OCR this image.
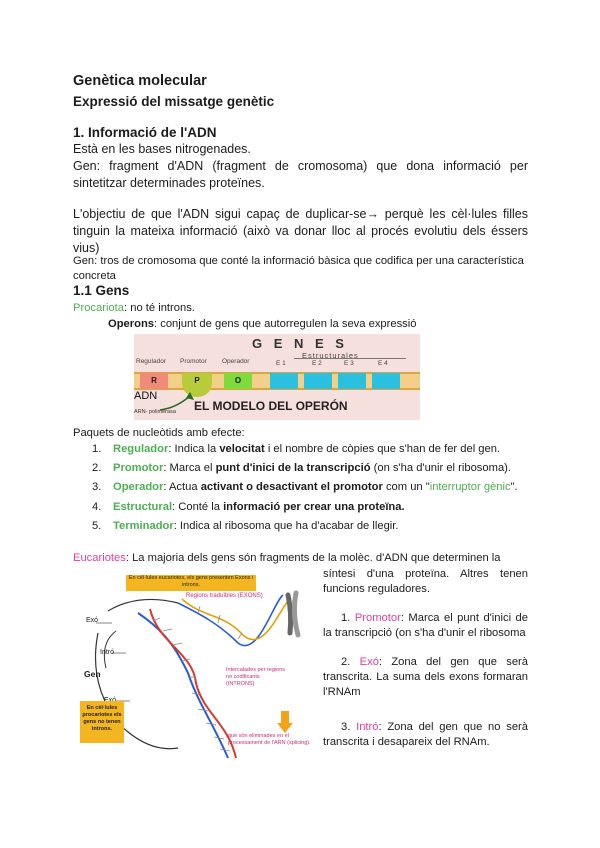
Genètica molecular
Expressió del missatge genètic
1. Informació de l'ADN
Està en les bases nitrogenades.
Gen: fragment d'ADN (fragment de cromosoma) que dona informació per sintetitzar determinades proteïnes.
L'objectiu de que l'ADN sigui capaç de duplicar-se→ perquè les cèl·lules filles tinguin la mateixa informació (això va donar lloc al procés evolutiu dels éssers vius)
Gen: tros de cromosoma que conté la informació bàsica que codifica per una característica concreta
1.1 Gens
Procariota: no té introns.
Operons: conjunt de gens que autorregulen la seva expressió
G E N E S
Estructurales
Regulador Promotor Operador	E 1	E 2	E 3	E 4
R	P	O
ADN
ARN- polimerasa EL MODELO DEL OPERÓN
Paquets de nucleòtids amb efecte:
1. Regulador: Indica la velocitat i el nombre de còpies que s'han de fer del gen.
2. Promotor: Marca el punt d'inici de la transcripció (on s'ha d'unir el ribosoma).
3. Operador: Actua activant o desactivant el promotor com un "interruptor gènic".
4. Estructural: Conté la informació per crear una proteïna.
5. Terminador: Indica al ribosoma que ha d'acabar de llegir.
Eucariotes: La majoria dels gens són fragments de la molèc. d'ADN que determinen la

síntesi d'una proteïna. Altres tenen funcions reguladores.

1. Promotor: Marca el punt d'inici de la transcripció (on s'ha d'unir el ribosoma

2. Exó: Zona del gen que serà transcrita. La suma dels exons formaran l'RNAm

3. Intró: Zona del gen que no serà transcrita i desapareix del RNAm.

En cèl·lules eucariotes, els gens presenten Exons i introns.
Regions traduïbles (EXONS)
Intercalades per regions no codificants (INTRONS)
que són eliminades en el processament de l'ARN (splicing).
Exó
Intró
Gen
En cèl·lules procariotes els gens no tenen introns.
